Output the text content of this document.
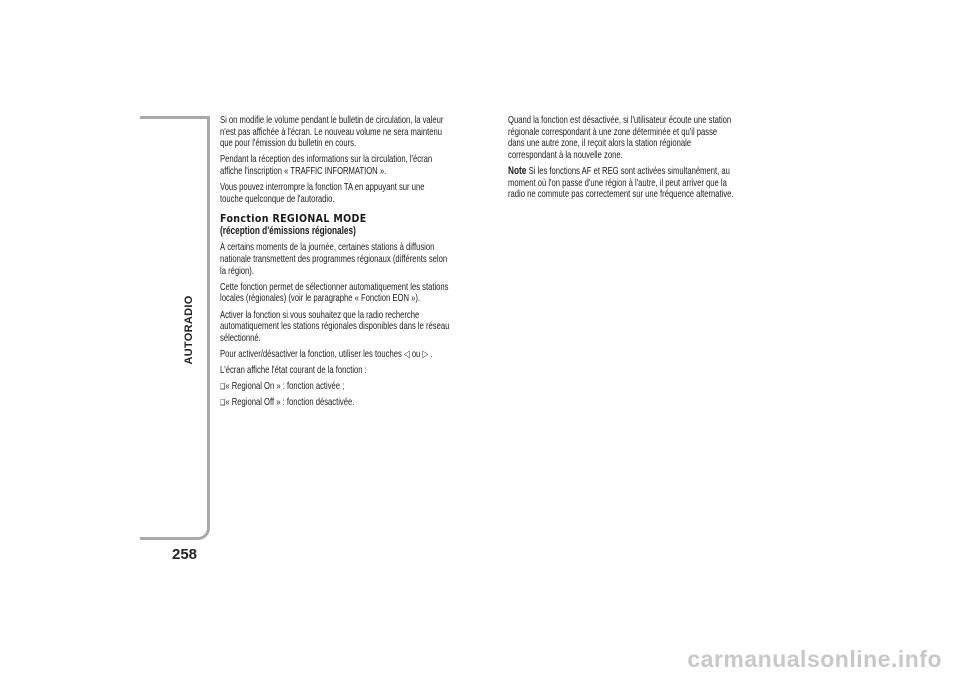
AUTORADIO
258

Si on modifie le volume pendant le bulletin de circulation, la valeur
n'est pas affichée à l'écran. Le nouveau volume ne sera maintenu
que pour l'émission du bulletin en cours.

Pendant la réception des informations sur la circulation, l'écran
affiche l'inscription « TRAFFIC INFORMATION ».

Vous pouvez interrompre la fonction TA en appuyant sur une
touche quelconque de l'autoradio.

Fonction REGIONAL MODE
(réception d'émissions régionales)

À certains moments de la journée, certaines stations à diffusion
nationale transmettent des programmes régionaux (différents selon
la région).

Cette fonction permet de sélectionner automatiquement les stations
locales (régionales) (voir le paragraphe « Fonction EON »).

Activer la fonction si vous souhaitez que la radio recherche
automatiquement les stations régionales disponibles dans le réseau
sélectionné.

Pour activer/désactiver la fonction, utiliser les touches ◁ ou ▷ .

L'écran affiche l'état courant de la fonction :

❑« Regional On » : fonction activée ;

❑« Regional Off » : fonction désactivée.

Quand la fonction est désactivée, si l'utilisateur écoute une station
régionale correspondant à une zone déterminée et qu'il passe
dans une autre zone, il reçoit alors la station régionale
correspondant à la nouvelle zone.

Note Si les fonctions AF et REG sont activées simultanément, au
moment où l'on passe d'une région à l'autre, il peut arriver que la
radio ne commute pas correctement sur une fréquence alternative.

carmanualsonline.info
